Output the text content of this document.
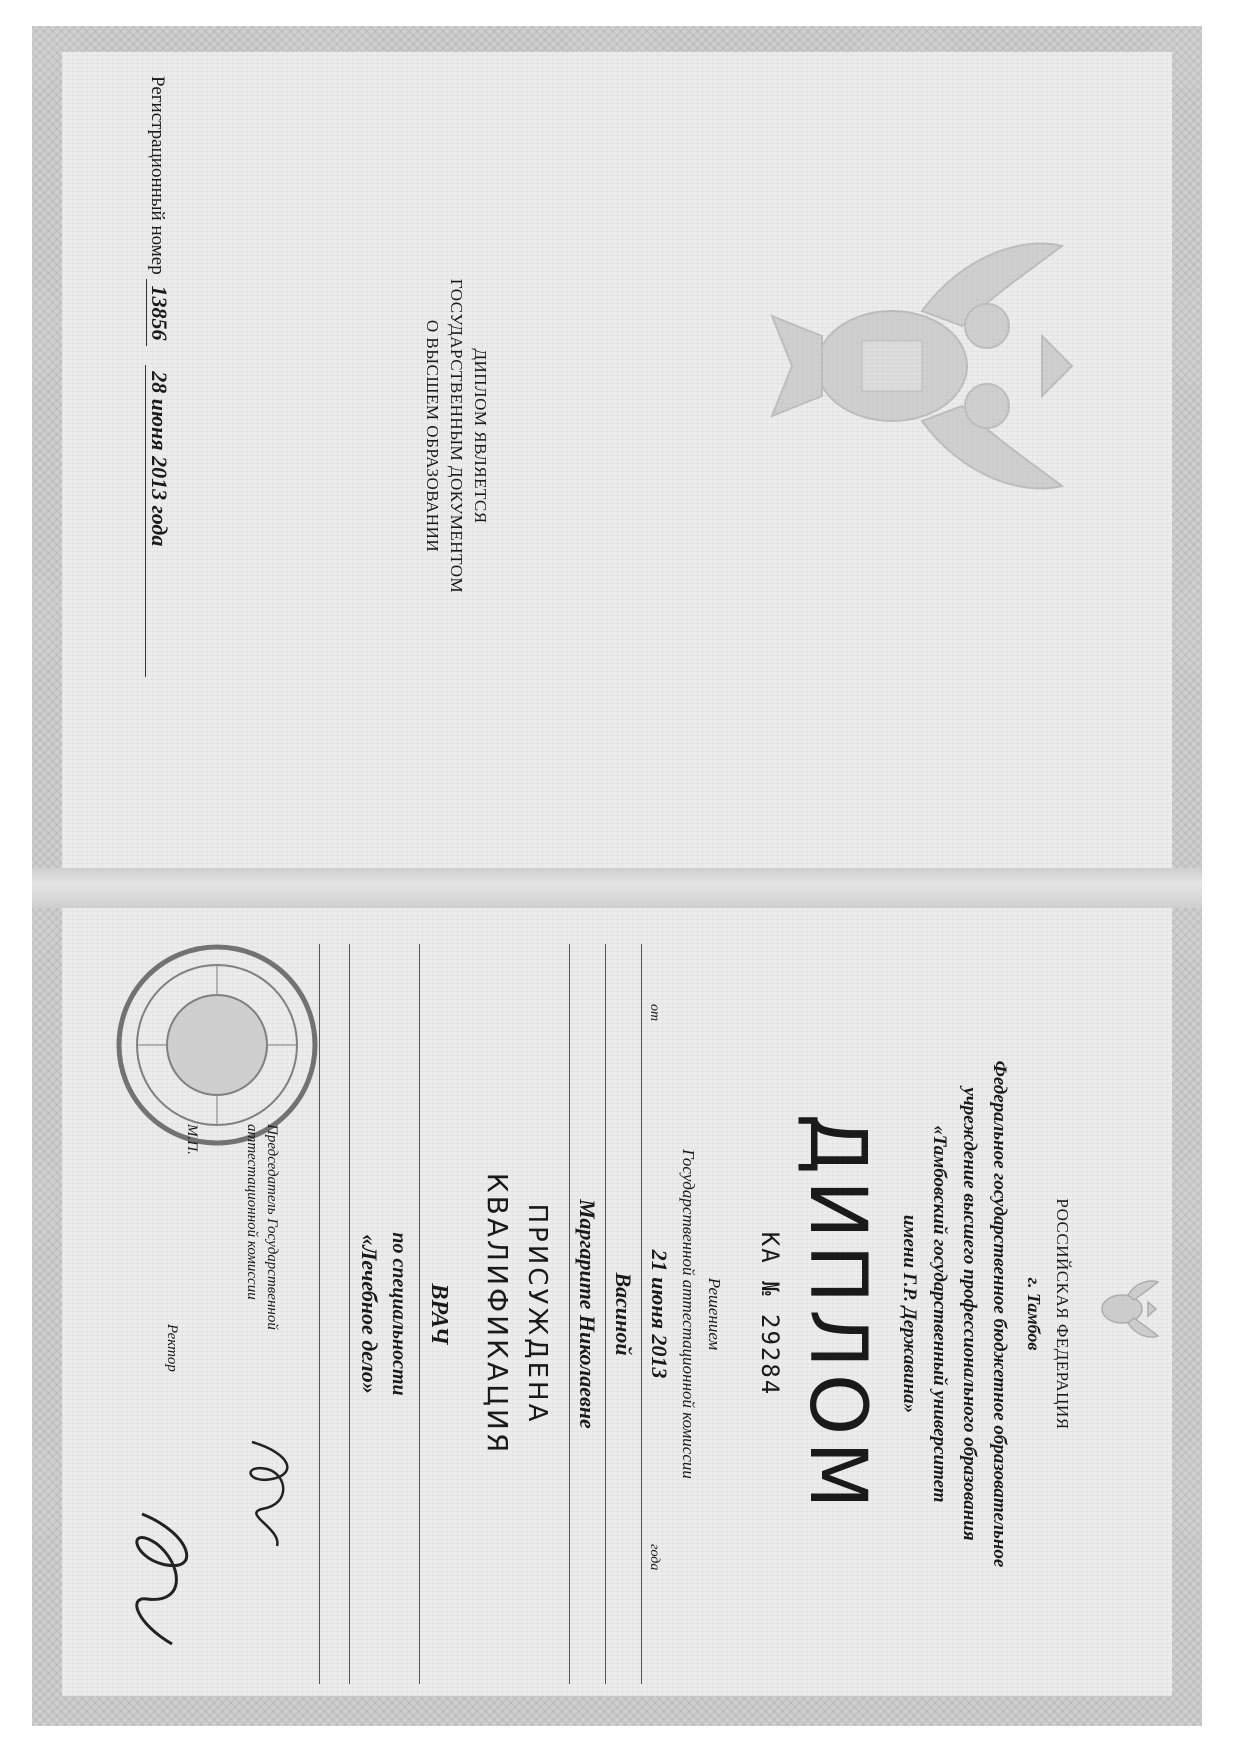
ДИПЛОМ ЯВЛЯЕТСЯ
ГОСУДАРСТВЕННЫМ ДОКУМЕНТОМ
О ВЫСШЕМ ОБРАЗОВАНИИ
Регистрационный номер 13856 28 июня 2013 года
РОССИЙСКАЯ ФЕДЕРАЦИЯ
г. Тамбов
Федеральное государственное бюджетное образовательное
учреждение высшего профессионального образования
«Тамбовский государственный университет
имени Г.Р. Державина»
ДИПЛОМ
КА № 29284
Решением
Государственной аттестационной комиссии
от
21 июня 2013
года
Васиной
Маргарите Николаевне
ПРИСУЖДЕНА
КВАЛИФИКАЦИЯ
ВРАЧ
по специальности
«Лечебное дело»
Председатель Государственной
аттестационной комиссии
М.П.
Ректор
